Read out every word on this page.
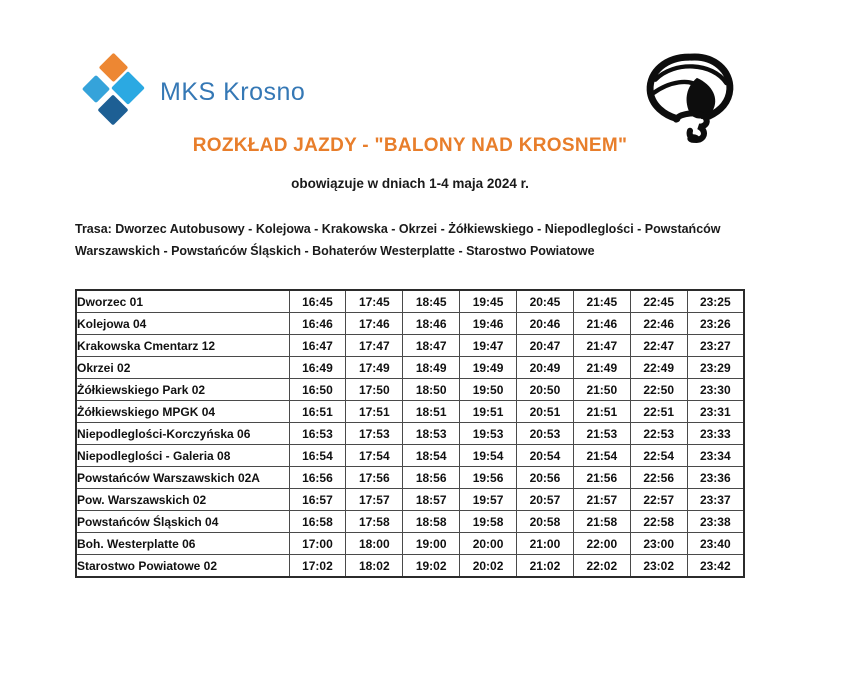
MKS Krosno
ROZKŁAD JAZDY - "BALONY NAD KROSNEM"

obowiązuje w dniach 1-4 maja 2024 r.

Trasa: Dworzec Autobusowy - Kolejowa - Krakowska - Okrzei - Żółkiewskiego - Niepodleglości - Powstańców Warszawskich - Powstańców Śląskich - Bohaterów Westerplatte - Starostwo Powiatowe

Dworzec 01	16:45	17:45	18:45	19:45	20:45	21:45	22:45	23:25
Kolejowa 04	16:46	17:46	18:46	19:46	20:46	21:46	22:46	23:26
Krakowska Cmentarz 12	16:47	17:47	18:47	19:47	20:47	21:47	22:47	23:27
Okrzei 02	16:49	17:49	18:49	19:49	20:49	21:49	22:49	23:29
Żółkiewskiego Park 02	16:50	17:50	18:50	19:50	20:50	21:50	22:50	23:30
Żółkiewskiego MPGK 04	16:51	17:51	18:51	19:51	20:51	21:51	22:51	23:31
Niepodleglości-Korczyńska 06	16:53	17:53	18:53	19:53	20:53	21:53	22:53	23:33
Niepodleglości - Galeria 08	16:54	17:54	18:54	19:54	20:54	21:54	22:54	23:34
Powstańców Warszawskich 02A	16:56	17:56	18:56	19:56	20:56	21:56	22:56	23:36
Pow. Warszawskich 02	16:57	17:57	18:57	19:57	20:57	21:57	22:57	23:37
Powstańców Śląskich 04	16:58	17:58	18:58	19:58	20:58	21:58	22:58	23:38
Boh. Westerplatte 06	17:00	18:00	19:00	20:00	21:00	22:00	23:00	23:40
Starostwo Powiatowe 02	17:02	18:02	19:02	20:02	21:02	22:02	23:02	23:42
